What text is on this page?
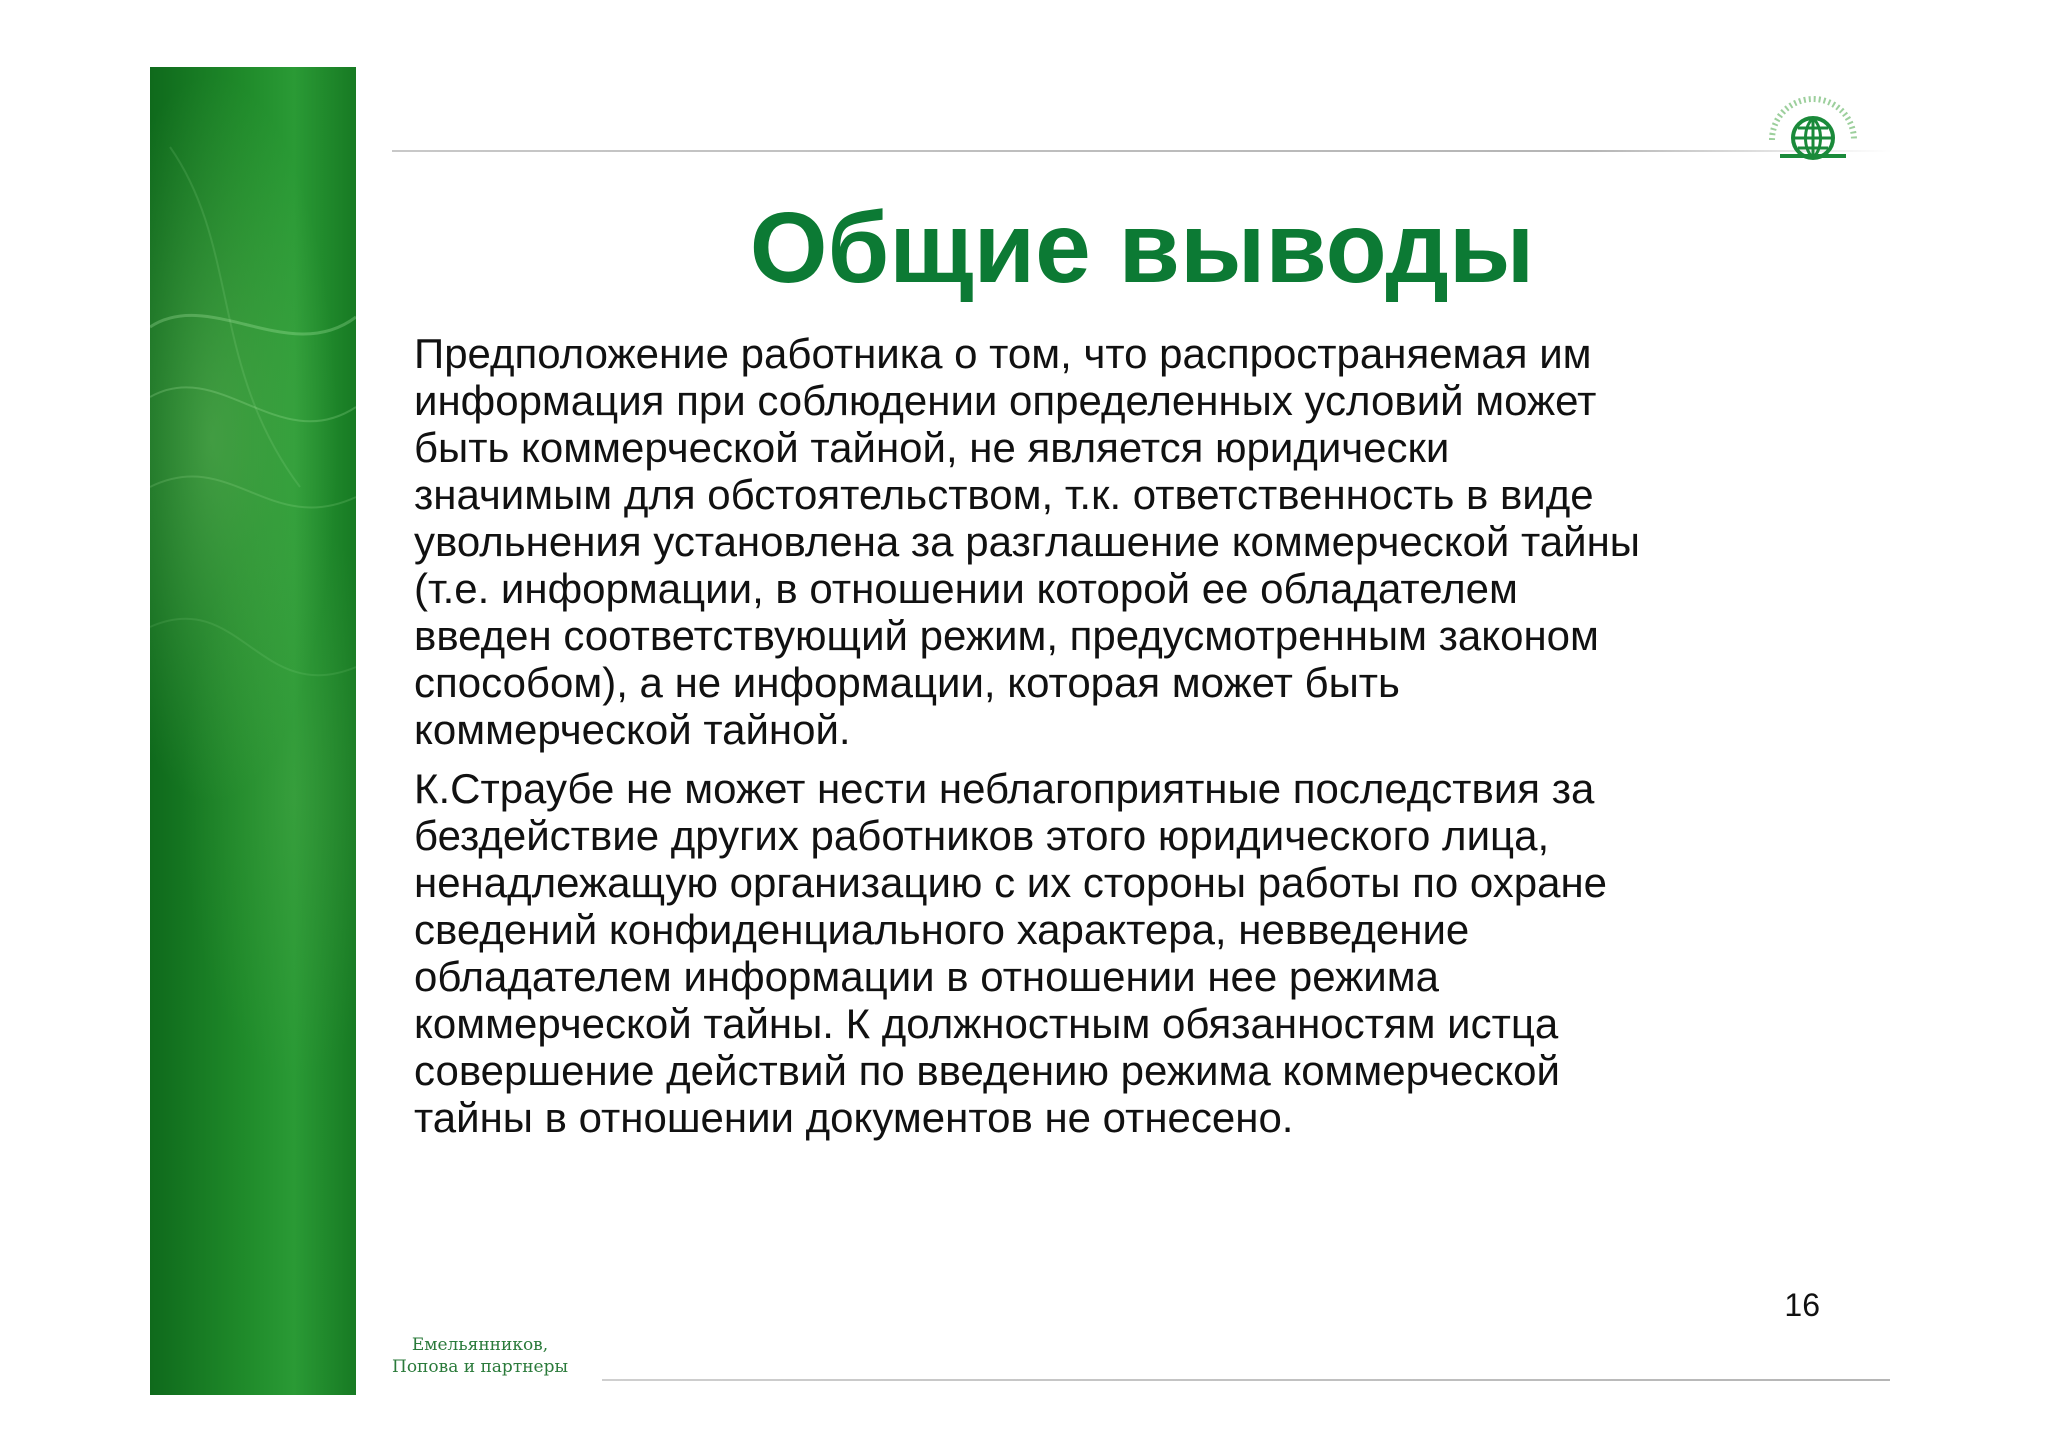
Общие выводы

Предположение работника о том, что распространяемая им
информация при соблюдении определенных условий может
быть коммерческой тайной, не является юридически
значимым для обстоятельством, т.к. ответственность в виде
увольнения установлена за разглашение коммерческой тайны
(т.е. информации, в отношении которой ее обладателем
введен соответствующий режим, предусмотренным законом
способом), а не информации, которая может быть
коммерческой тайной.

К.Страубе не может нести неблагоприятные последствия за
бездействие других работников этого юридического лица,
ненадлежащую организацию с их стороны работы по охране
сведений конфиденциального характера, невведение
обладателем информации в отношении нее режима
коммерческой тайны. К должностным обязанностям истца
совершение действий по введению режима коммерческой
тайны в отношении документов не отнесено.

16
Емельянников,
Попова и партнеры
